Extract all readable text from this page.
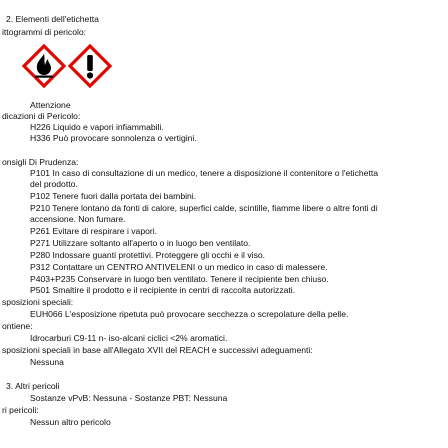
2. Elementi dell'etichetta
ittogrammi di pericolo:
Attenzione
dicazioni di Pericolo:
H226 Liquido e vapori infiammabili.
H336 Può provocare sonnolenza o vertigini.
onsigli Di Prudenza:
P101 In caso di consultazione di un medico, tenere a disposizione il contenitore o l'etichetta
del prodotto.
P102 Tenere fuori dalla portata dei bambini.
P210 Tenere lontano da fonti di calore, superfici calde, scintille, fiamme libere o altre fonti di
accensione. Non fumare.
P261 Evitare di respirare i vapori.
P271 Utilizzare soltanto all'aperto o in luogo ben ventilato.
P280 Indossare guanti protettivi. Proteggere gli occhi e il viso.
P312 Contattare un CENTRO ANTIVELENI o un medico in caso di malessere.
P403+P235 Conservare in luogo ben ventilato. Tenere il recipiente ben chiuso.
P501 Smaltire il prodotto e il recipiente in centri di raccolta autorizzati.
sposizioni speciali:
EUH066 L'esposizione ripetuta può provocare secchezza o screpolature della pelle.
ontiene:
Idrocarburi C9-11 n- iso-alcani ciclici <2% aromatici.
sposizioni speciali in base all'Allegato XVII del REACH e successivi adeguamenti:
Nessuna
3. Altri pericoli
Sostanze vPvB: Nessuna - Sostanze PBT: Nessuna
ri pericoli:
Nessun altro pericolo
